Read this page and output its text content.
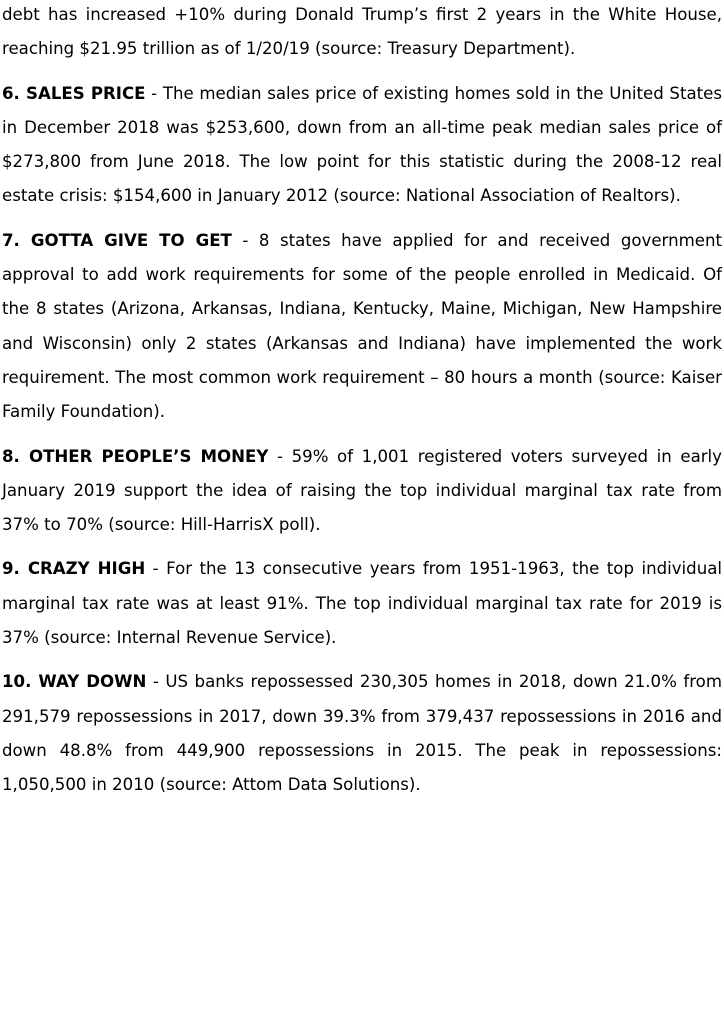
debt has increased +10% during Donald Trump’s first 2 years in the White House, reaching $21.95 trillion as of 1/20/19 (source: Treasury Department).

6. SALES PRICE - The median sales price of existing homes sold in the United States in December 2018 was $253,600, down from an all-time peak median sales price of $273,800 from June 2018. The low point for this statistic during the 2008-12 real estate crisis: $154,600 in January 2012 (source: National Association of Realtors).

7. GOTTA GIVE TO GET - 8 states have applied for and received government approval to add work requirements for some of the people enrolled in Medicaid. Of the 8 states (Arizona, Arkansas, Indiana, Kentucky, Maine, Michigan, New Hampshire and Wisconsin) only 2 states (Arkansas and Indiana) have implemented the work requirement. The most common work requirement – 80 hours a month (source: Kaiser Family Foundation).

8. OTHER PEOPLE’S MONEY - 59% of 1,001 registered voters surveyed in early January 2019 support the idea of raising the top individual marginal tax rate from 37% to 70% (source: Hill-HarrisX poll).

9. CRAZY HIGH - For the 13 consecutive years from 1951-1963, the top individual marginal tax rate was at least 91%. The top individual marginal tax rate for 2019 is 37% (source: Internal Revenue Service).

10. WAY DOWN - US banks repossessed 230,305 homes in 2018, down 21.0% from 291,579 repossessions in 2017, down 39.3% from 379,437 repossessions in 2016 and down 48.8% from 449,900 repossessions in 2015. The peak in repossessions: 1,050,500 in 2010 (source: Attom Data Solutions).
